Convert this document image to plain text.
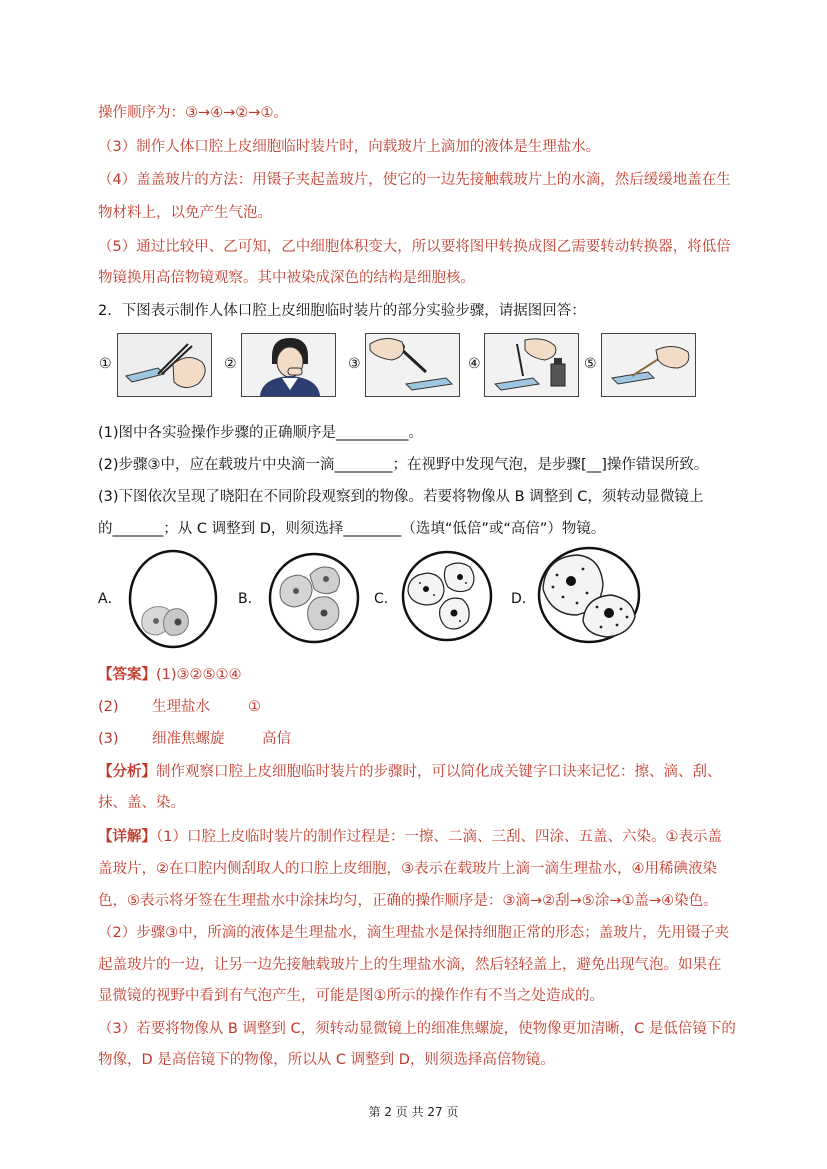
操作顺序为：③→④→②→①。
（3）制作人体口腔上皮细胞临时装片时，向载玻片上滴加的液体是生理盐水。
（4）盖盖玻片的方法：用镊子夹起盖玻片，使它的一边先接触载玻片上的水滴，然后缓缓地盖在生
物材料上，以免产生气泡。
（5）通过比较甲、乙可知，乙中细胞体积变大，所以要将图甲转换成图乙需要转动转换器，将低倍
物镜换用高倍物镜观察。其中被染成深色的结构是细胞核。
2．下图表示制作人体口腔上皮细胞临时装片的部分实验步骤，请据图回答：
①	②	③	④	⑤
(1)图中各实验操作步骤的正确顺序是__________。
(2)步骤③中，应在载玻片中央滴一滴________；在视野中发现气泡，是步骤[__]操作错误所致。
(3)下图依次呈现了晓阳在不同阶段观察到的物像。若要将物像从 B 调整到 C，须转动显微镜上
的_______；从 C 调整到 D，则须选择________（选填“低倍”或“高倍”）物镜。
A．	B．	C．	D．
【答案】(1)③②⑤①④
(2) 生理盐水	①
(3) 细准焦螺旋	高信
【分析】制作观察口腔上皮细胞临时装片的步骤时，可以简化成关键字口诀来记忆：擦、滴、刮、
抹、盖、染。
【详解】（1）口腔上皮临时装片的制作过程是：一擦、二滴、三刮、四涂、五盖、六染。①表示盖
盖玻片，②在口腔内侧刮取人的口腔上皮细胞，③表示在载玻片上滴一滴生理盐水，④用稀碘液染
色，⑤表示将牙签在生理盐水中涂抹均匀，正确的操作顺序是：③滴→②刮→⑤涂→①盖→④染色。
（2）步骤③中，所滴的液体是生理盐水，滴生理盐水是保持细胞正常的形态；盖玻片，先用镊子夹
起盖玻片的一边，让另一边先接触载玻片上的生理盐水滴，然后轻轻盖上，避免出现气泡。如果在
显微镜的视野中看到有气泡产生，可能是图①所示的操作作有不当之处造成的。
（3）若要将物像从 B 调整到 C，须转动显微镜上的细准焦螺旋，使物像更加清晰，C 是低倍镜下的
物像，D 是高倍镜下的物像，所以从 C 调整到 D，则须选择高倍物镜。
第 2 页 共 27 页
